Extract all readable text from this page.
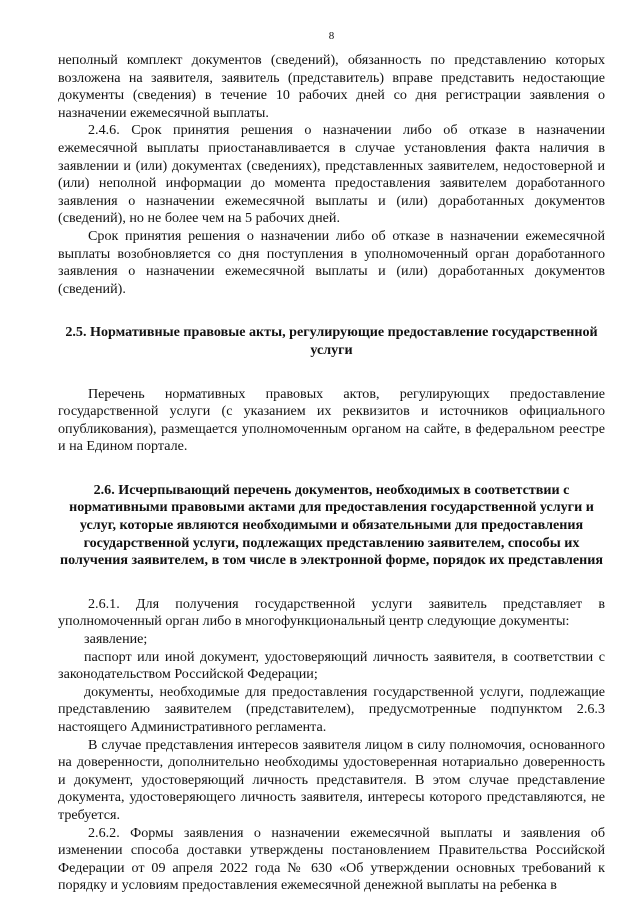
8

неполный комплект документов (сведений), обязанность по представлению которых возложена на заявителя, заявитель (представитель) вправе представить недостающие документы (сведения) в течение 10 рабочих дней со дня регистрации заявления о назначении ежемесячной выплаты.

2.4.6. Срок принятия решения о назначении либо об отказе в назначении ежемесячной выплаты приостанавливается в случае установления факта наличия в заявлении и (или) документах (сведениях), представленных заявителем, недостоверной и (или) неполной информации до момента предоставления заявителем доработанного заявления о назначении ежемесячной выплаты и (или) доработанных документов (сведений), но не более чем на 5 рабочих дней.

Срок принятия решения о назначении либо об отказе в назначении ежемесячной выплаты возобновляется со дня поступления в уполномоченный орган доработанного заявления о назначении ежемесячной выплаты и (или) доработанных документов (сведений).

2.5. Нормативные правовые акты, регулирующие предоставление государственной услуги

Перечень нормативных правовых актов, регулирующих предоставление государственной услуги (с указанием их реквизитов и источников официального опубликования), размещается уполномоченным органом на сайте, в федеральном реестре и на Едином портале.

2.6. Исчерпывающий перечень документов, необходимых в соответствии с нормативными правовыми актами для предоставления государственной услуги и услуг, которые являются необходимыми и обязательными для предоставления государственной услуги, подлежащих представлению заявителем, способы их получения заявителем, в том числе в электронной форме, порядок их представления

2.6.1. Для получения государственной услуги заявитель представляет в уполномоченный орган либо в многофункциональный центр следующие документы:

заявление;

паспорт или иной документ, удостоверяющий личность заявителя, в соответствии с законодательством Российской Федерации;

документы, необходимые для предоставления государственной услуги, подлежащие представлению заявителем (представителем), предусмотренные подпунктом 2.6.3 настоящего Административного регламента.

В случае представления интересов заявителя лицом в силу полномочия, основанного на доверенности, дополнительно необходимы удостоверенная нотариально доверенность и документ, удостоверяющий личность представителя. В этом случае представление документа, удостоверяющего личность заявителя, интересы которого представляются, не требуется.

2.6.2. Формы заявления о назначении ежемесячной выплаты и заявления об изменении способа доставки утверждены постановлением Правительства Российской Федерации от 09 апреля 2022 года № 630 «Об утверждении основных требований к порядку и условиям предоставления ежемесячной денежной выплаты на ребенка в
